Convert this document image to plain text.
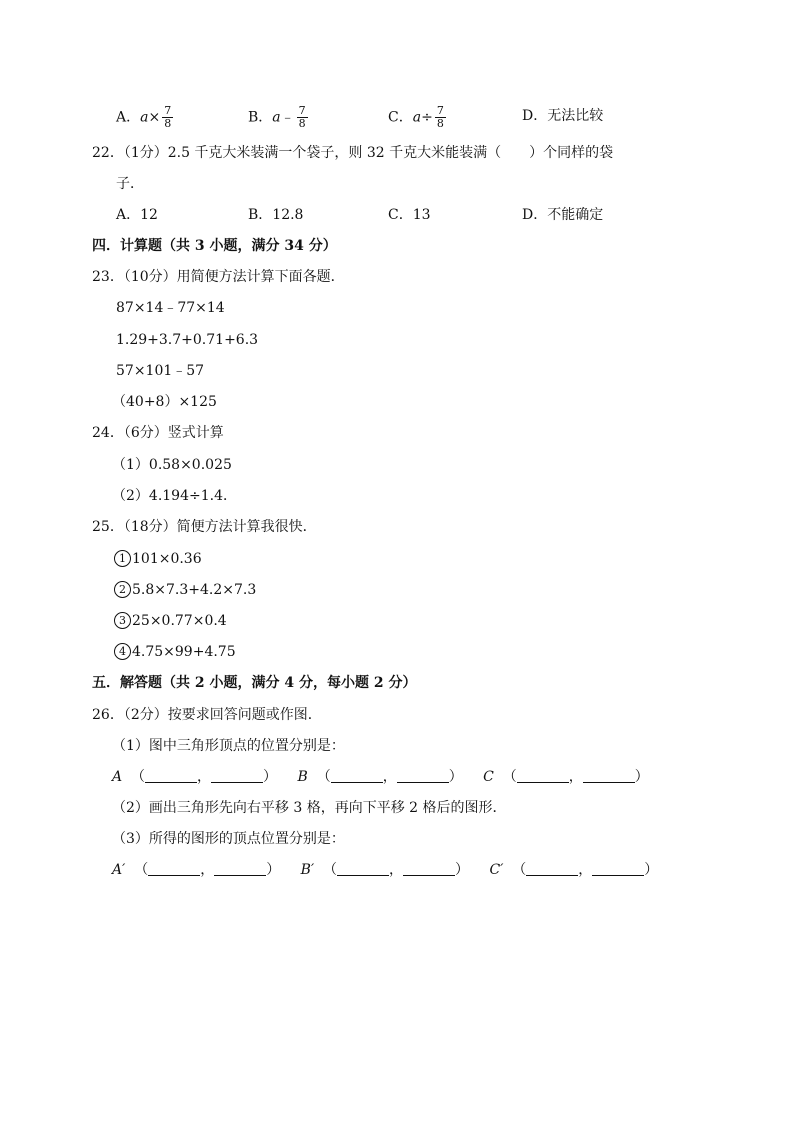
A．$a\times \frac{7}{8}$	B．a﹣ $\frac{7}{8}$	C．$a\div \frac{7}{8}$	D．无法比较
22．（1分）2.5 千克大米装满一个袋子，则 32 千克大米能装满（　　）个同样的袋
子．
A．12	B．12.8	C．13	D．不能确定
四．计算题（共 3 小题，满分 34 分）
23．（10分）用简便方法计算下面各题．
87×14﹣77×14
1.29+3.7+0.71+6.3
57×101﹣57
（40+8）×125
24．（6分）竖式计算
（1）0.58×0.025
（2）4.194÷1.4．
25．（18分）简便方法计算我很快．
1 101×0.36
2 5.8×7.3+4.2×7.3
3 25×0.77×0.4
4 4.75×99+4.75
五．解答题（共 2 小题，满分 4 分，每小题 2 分）
26．（2分）按要求回答问题或作图．
（1）图中三角形顶点的位置分别是：
A （	，	） B （	，	） C （	，	）
（2）画出三角形先向右平移 3 格，再向下平移 2 格后的图形．
（3）所得的图形的顶点位置分别是：
A′ （	，	） B′ （	，	） C′ （	，	）
